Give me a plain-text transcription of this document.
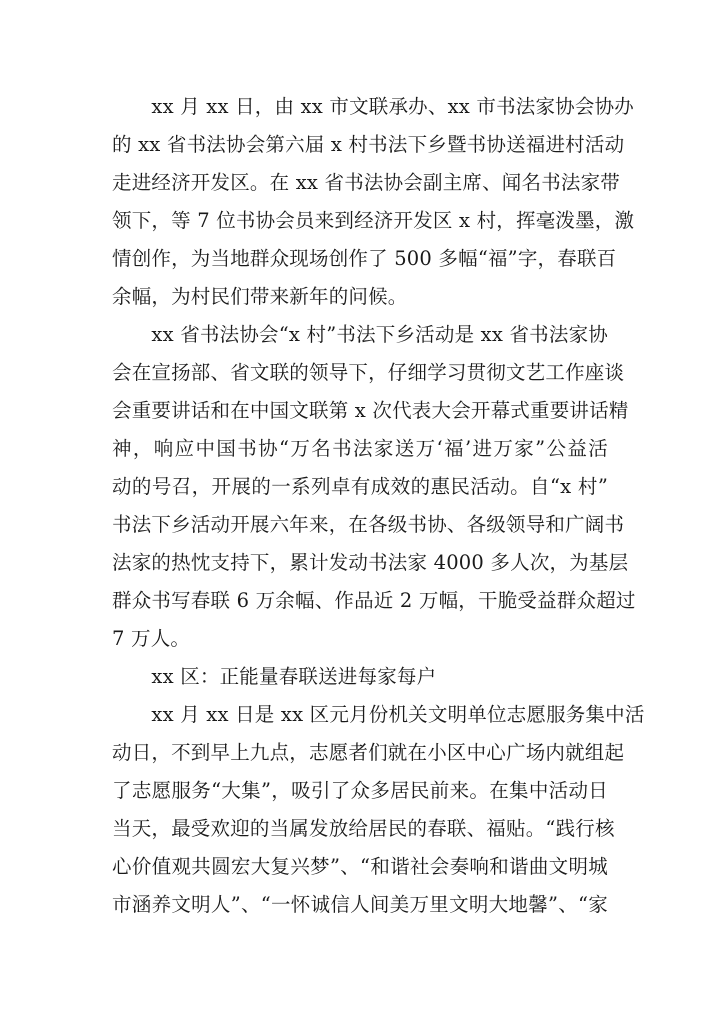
　　xx 月 xx 日，由 xx 市文联承办、xx 市书法家协会协办
的 xx 省书法协会第六届 x 村书法下乡暨书协送福进村活动
走进经济开发区。在 xx 省书法协会副主席、闻名书法家带
领下，等 7 位书协会员来到经济开发区 x 村，挥毫泼墨，激
情创作，为当地群众现场创作了 500 多幅“福”字，春联百
余幅，为村民们带来新年的问候。

　　xx 省书法协会“x 村”书法下乡活动是 xx 省书法家协
会在宣扬部、省文联的领导下，仔细学习贯彻文艺工作座谈
会重要讲话和在中国文联第 x 次代表大会开幕式重要讲话精
神，响应中国书协“万名书法家送万‘福’进万家”公益活
动的号召，开展的一系列卓有成效的惠民活动。自“x 村”
书法下乡活动开展六年来，在各级书协、各级领导和广阔书
法家的热忱支持下，累计发动书法家 4000 多人次，为基层
群众书写春联 6 万余幅、作品近 2 万幅，干脆受益群众超过
7 万人。

　　xx 区：正能量春联送进每家每户

　　xx 月 xx 日是 xx 区元月份机关文明单位志愿服务集中活
动日，不到早上九点，志愿者们就在小区中心广场内就组起
了志愿服务“大集”，吸引了众多居民前来。在集中活动日
当天，最受欢迎的当属发放给居民的春联、福贴。“践行核
心价值观共圆宏大复兴梦”、“和谐社会奏响和谐曲文明城
市涵养文明人”、“一怀诚信人间美万里文明大地馨”、“家
